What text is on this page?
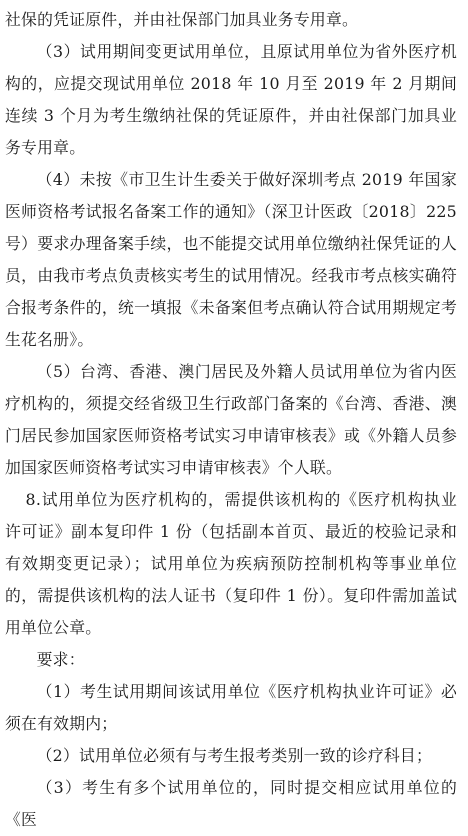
社保的凭证原件，并由社保部门加具业务专用章。

（3）试用期间变更试用单位，且原试用单位为省外医疗机构的，应提交现试用单位 2018 年 10 月至 2019 年 2 月期间连续 3 个月为考生缴纳社保的凭证原件，并由社保部门加具业务专用章。

（4）未按《市卫生计生委关于做好深圳考点 2019 年国家医师资格考试报名备案工作的通知》（深卫计医政〔2018〕225 号）要求办理备案手续，也不能提交试用单位缴纳社保凭证的人员，由我市考点负责核实考生的试用情况。经我市考点核实确符合报考条件的，统一填报《未备案但考点确认符合试用期规定考生花名册》。

（5）台湾、香港、澳门居民及外籍人员试用单位为省内医疗机构的，须提交经省级卫生行政部门备案的《台湾、香港、澳门居民参加国家医师资格考试实习申请审核表》或《外籍人员参加国家医师资格考试实习申请审核表》个人联。

8.试用单位为医疗机构的，需提供该机构的《医疗机构执业许可证》副本复印件 1 份（包括副本首页、最近的校验记录和有效期变更记录）；试用单位为疾病预防控制机构等事业单位的，需提供该机构的法人证书（复印件 1 份）。复印件需加盖试用单位公章。

要求：

（1）考生试用期间该试用单位《医疗机构执业许可证》必须在有效期内；

（2）试用单位必须有与考生报考类别一致的诊疗科目；

（3）考生有多个试用单位的，同时提交相应试用单位的《医
